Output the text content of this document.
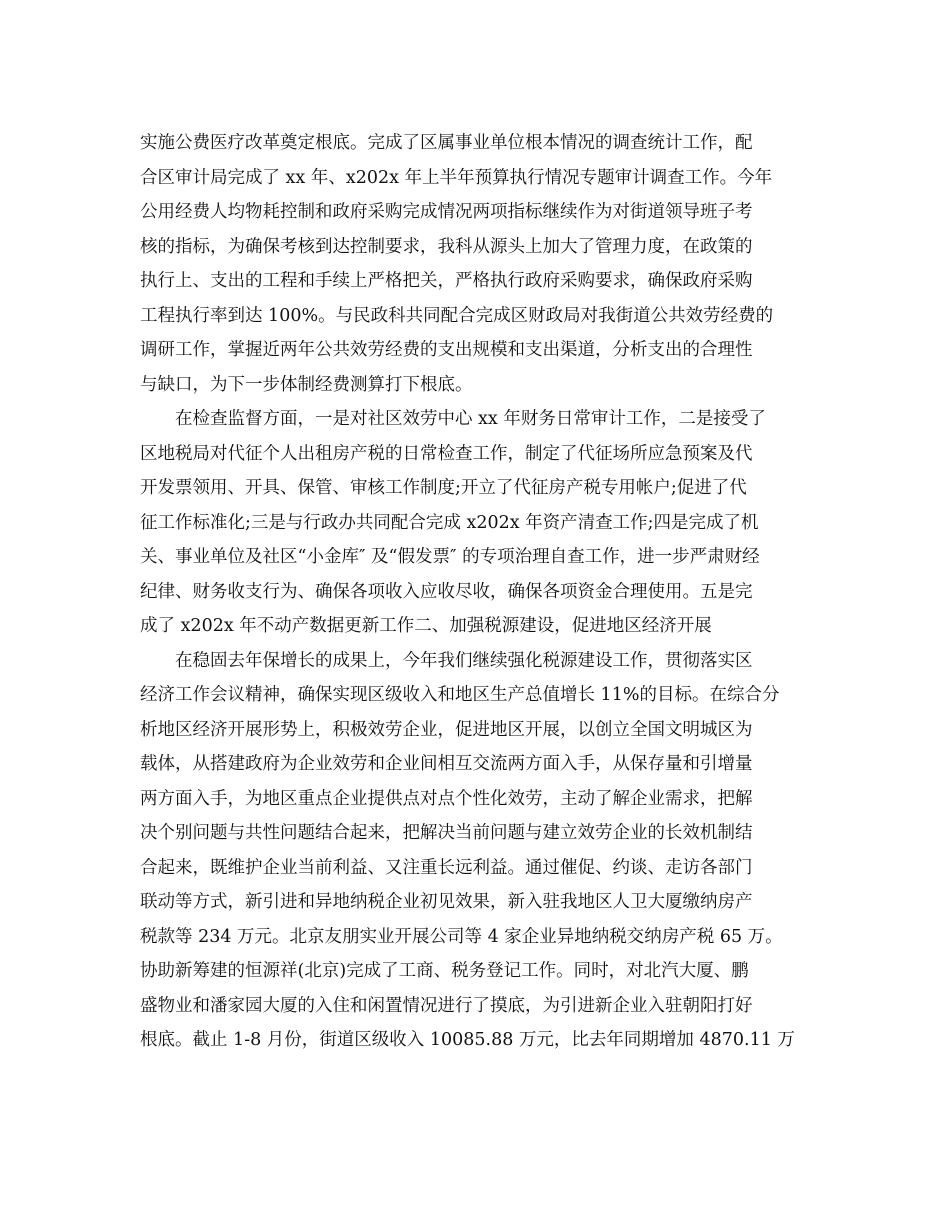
实施公费医疗改革奠定根底。完成了区属事业单位根本情况的调查统计工作，配
合区审计局完成了 xx 年、x202x 年上半年预算执行情况专题审计调查工作。今年
公用经费人均物耗控制和政府采购完成情况两项指标继续作为对街道领导班子考
核的指标，为确保考核到达控制要求，我科从源头上加大了管理力度，在政策的
执行上、支出的工程和手续上严格把关，严格执行政府采购要求，确保政府采购
工程执行率到达 100%。与民政科共同配合完成区财政局对我街道公共效劳经费的
调研工作，掌握近两年公共效劳经费的支出规模和支出渠道，分析支出的合理性
与缺口，为下一步体制经费测算打下根底。
在检查监督方面，一是对社区效劳中心 xx 年财务日常审计工作，二是接受了
区地税局对代征个人出租房产税的日常检查工作，制定了代征场所应急预案及代
开发票领用、开具、保管、审核工作制度;开立了代征房产税专用帐户;促进了代
征工作标准化;三是与行政办共同配合完成 x202x 年资产清查工作;四是完成了机
关、事业单位及社区“小金库″ 及“假发票″ 的专项治理自查工作，进一步严肃财经
纪律、财务收支行为、确保各项收入应收尽收，确保各项资金合理使用。五是完
成了 x202x 年不动产数据更新工作二、加强税源建设，促进地区经济开展
在稳固去年保增长的成果上，今年我们继续强化税源建设工作，贯彻落实区
经济工作会议精神，确保实现区级收入和地区生产总值增长 11%的目标。在综合分
析地区经济开展形势上，积极效劳企业，促进地区开展，以创立全国文明城区为
载体，从搭建政府为企业效劳和企业间相互交流两方面入手，从保存量和引增量
两方面入手，为地区重点企业提供点对点个性化效劳，主动了解企业需求，把解
决个别问题与共性问题结合起来，把解决当前问题与建立效劳企业的长效机制结
合起来，既维护企业当前利益、又注重长远利益。通过催促、约谈、走访各部门
联动等方式，新引进和异地纳税企业初见效果，新入驻我地区人卫大厦缴纳房产
税款等 234 万元。北京友朋实业开展公司等 4 家企业异地纳税交纳房产税 65 万。
协助新筹建的恒源祥(北京)完成了工商、税务登记工作。同时，对北汽大厦、鹏
盛物业和潘家园大厦的入住和闲置情况进行了摸底，为引进新企业入驻朝阳打好
根底。截止 1-8 月份，街道区级收入 10085.88 万元，比去年同期增加 4870.11 万
